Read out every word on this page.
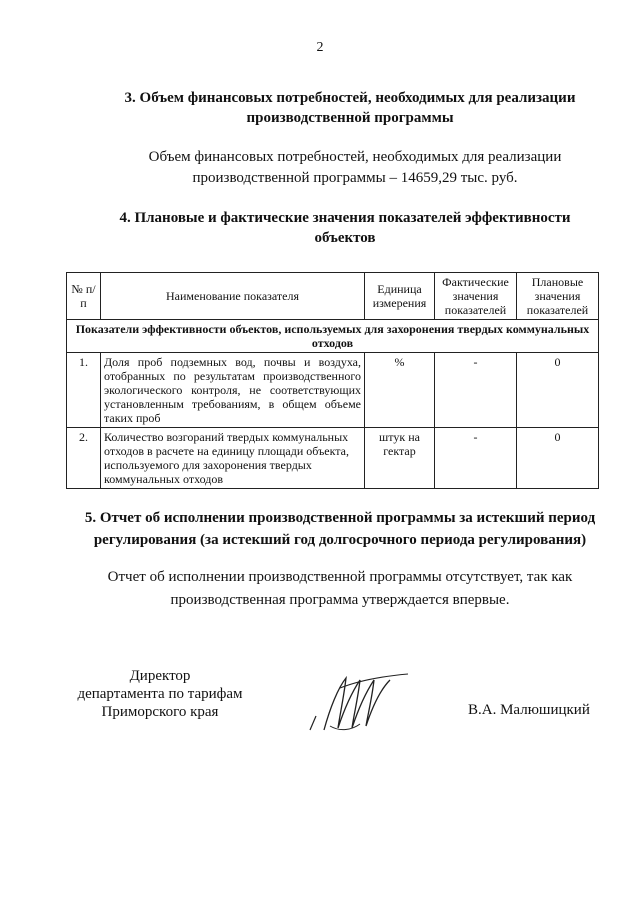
2
3. Объем финансовых потребностей, необходимых для реализации производственной программы
Объем финансовых потребностей, необходимых для реализации производственной программы – 14659,29 тыс. руб.
4. Плановые и фактические значения показателей эффективности объектов
№ п/п	Наименование показателя	Единица измерения	Фактические значения показателей	Плановые значения показателей
Показатели эффективности объектов, используемых для захоронения твердых коммунальных отходов				
1.	Доля проб подземных вод, почвы и воздуха, отобранных по результатам производственного экологического контроля, не соответствующих установленным требованиям, в общем объеме таких проб	%	-	0
2.	Количество возгораний твердых коммунальных отходов в расчете на единицу площади объекта, используемого для захоронения твердых коммунальных отходов	штук на гектар	-	0
5. Отчет об исполнении производственной программы за истекший период регулирования (за истекший год долгосрочного периода регулирования)
Отчет об исполнении производственной программы отсутствует, так как производственная программа утверждается впервые.
Директор
департамента по тарифам
Приморского края	В.А. Малюшицкий
